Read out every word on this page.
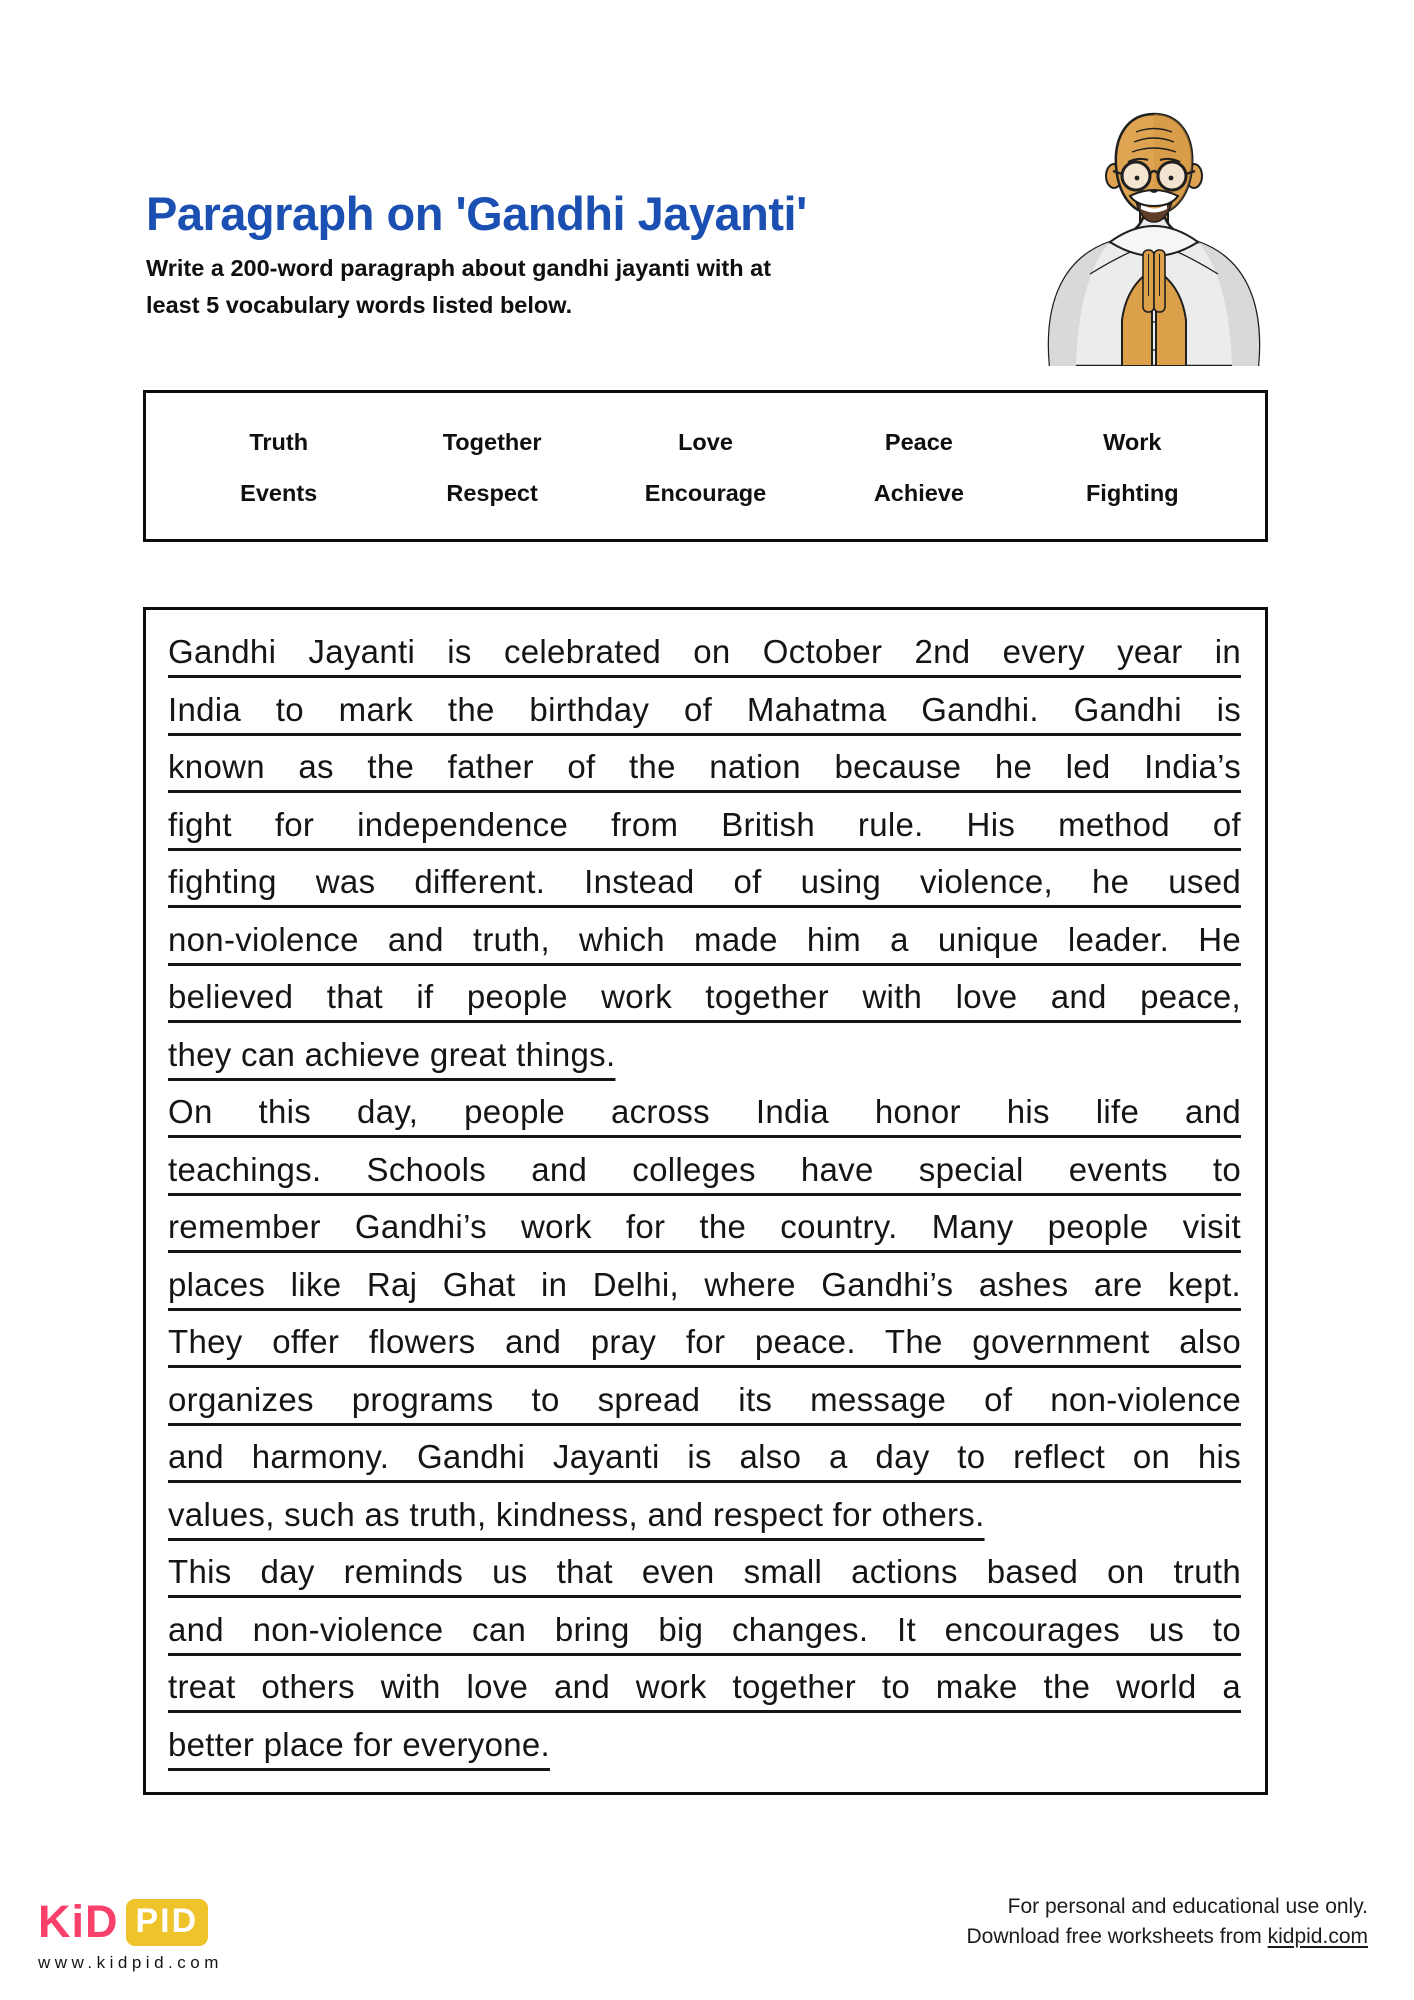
Paragraph on 'Gandhi Jayanti'
Write a 200-word paragraph about gandhi jayanti with at
least 5 vocabulary words listed below.
Truth	Together	Love	Peace	Work
Events	Respect	Encourage	Achieve	Fighting
Gandhi Jayanti is celebrated on October 2nd every year in
India to mark the birthday of Mahatma Gandhi. Gandhi is
known as the father of the nation because he led India’s
fight for independence from British rule. His method of
fighting was different. Instead of using violence, he used
non-violence and truth, which made him a unique leader. He
believed that if people work together with love and peace,
they can achieve great things.
On this day, people across India honor his life and
teachings. Schools and colleges have special events to
remember Gandhi’s work for the country. Many people visit
places like Raj Ghat in Delhi, where Gandhi’s ashes are kept.
They offer flowers and pray for peace. The government also
organizes programs to spread its message of non-violence
and harmony. Gandhi Jayanti is also a day to reflect on his
values, such as truth, kindness, and respect for others.
This day reminds us that even small actions based on truth
and non-violence can bring big changes. It encourages us to
treat others with love and work together to make the world a
better place for everyone.
KiD PID
www.kidpid.com
For personal and educational use only.
Download free worksheets from kidpid.com
